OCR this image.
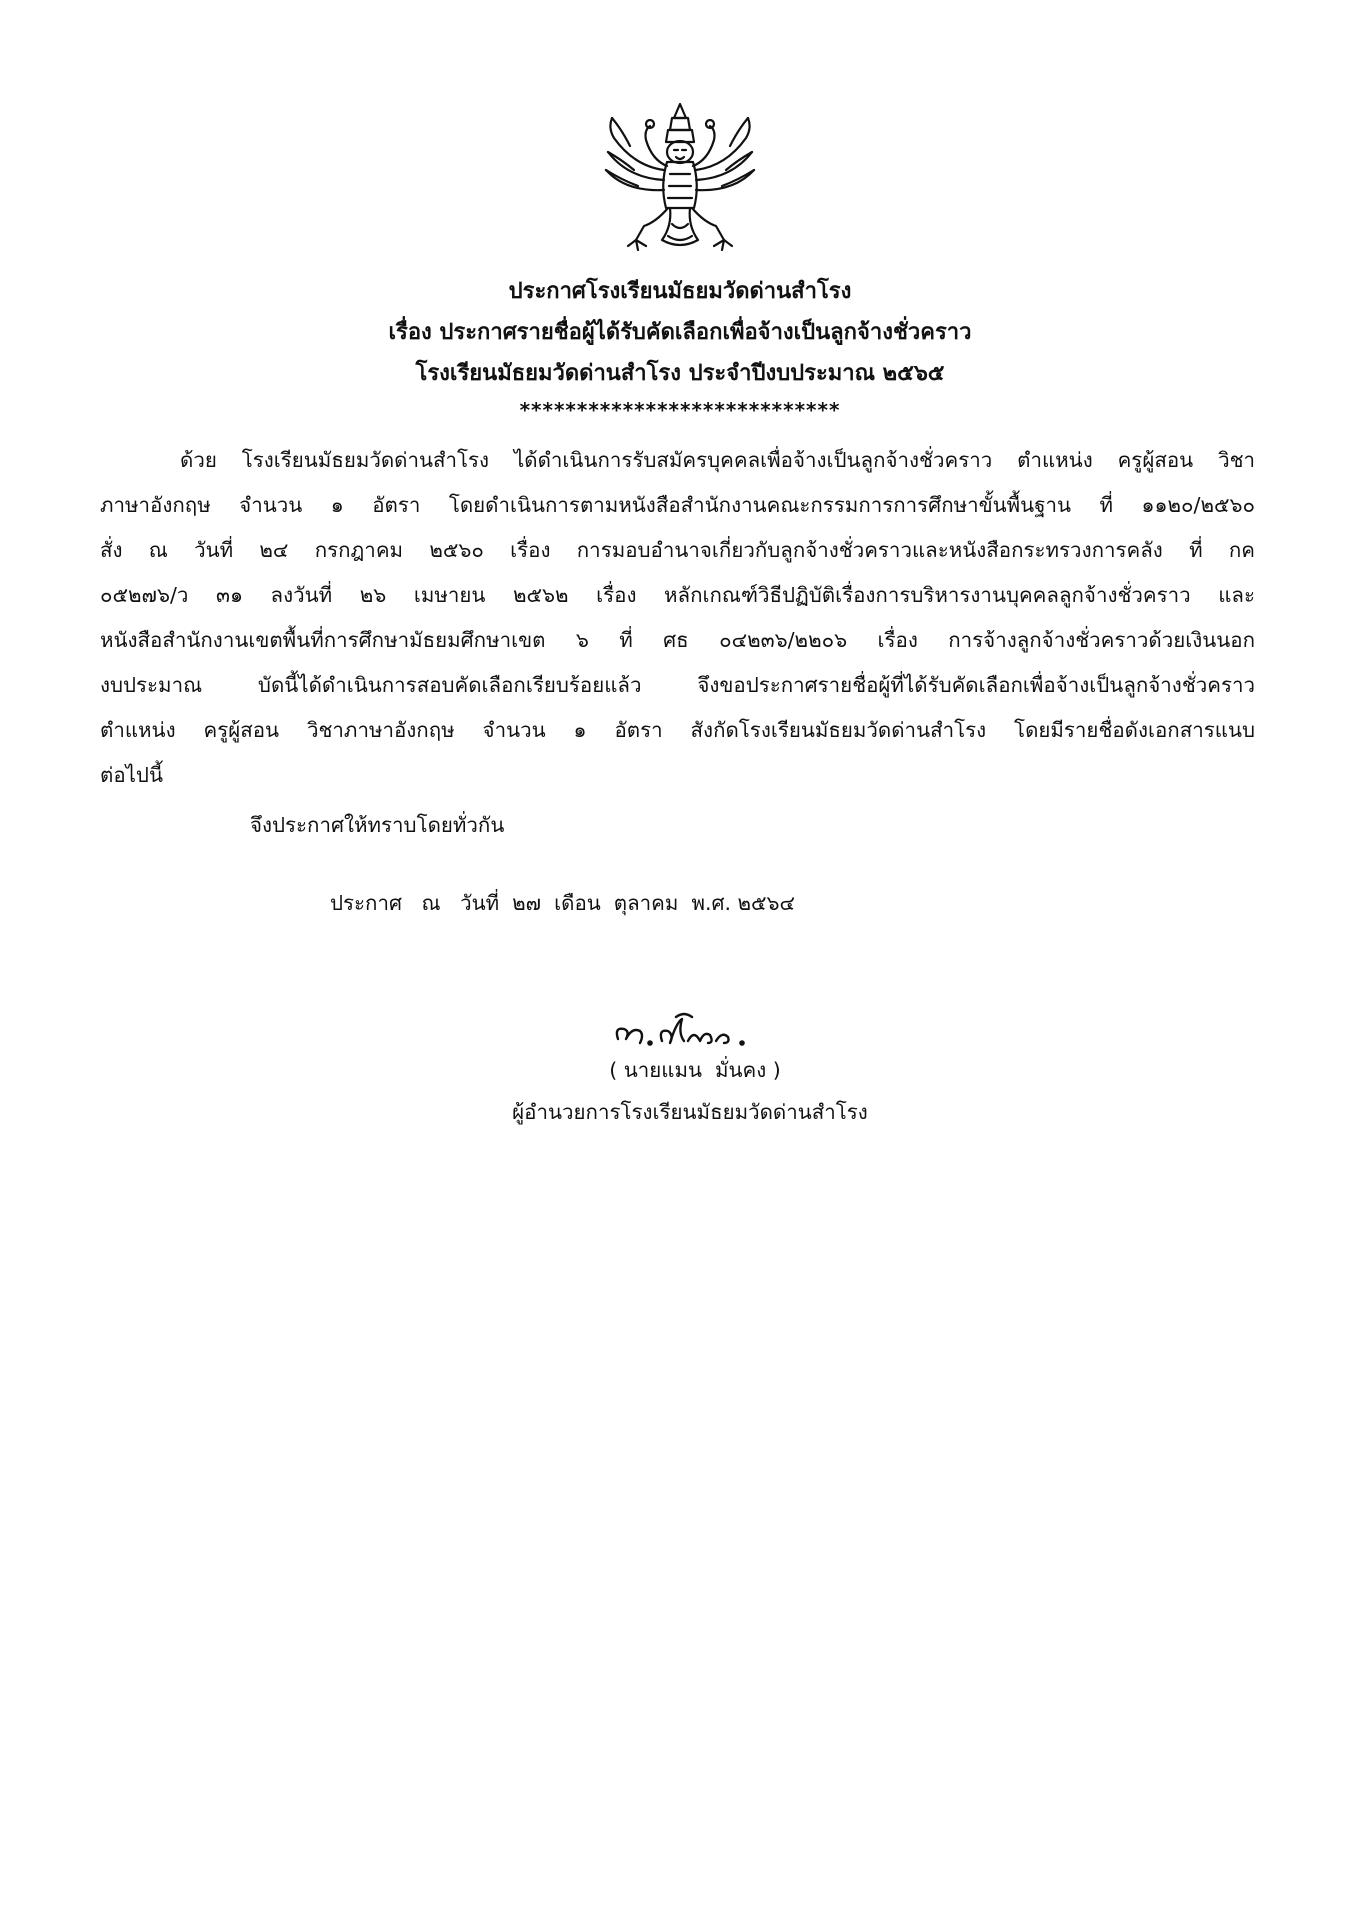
ประกาศโรงเรียนมัธยมวัดด่านสำโรง
เรื่อง ประกาศรายชื่อผู้ได้รับคัดเลือกเพื่อจ้างเป็นลูกจ้างชั่วคราว
โรงเรียนมัธยมวัดด่านสำโรง ประจำปีงบประมาณ ๒๕๖๕
****************************
ด้วย โรงเรียนมัธยมวัดด่านสำโรง ได้ดำเนินการรับสมัครบุคคลเพื่อจ้างเป็นลูกจ้างชั่วคราว ตำแหน่ง ครูผู้สอน วิชา
ภาษาอังกฤษ จำนวน ๑ อัตรา โดยดำเนินการตามหนังสือสำนักงานคณะกรรมการการศึกษาขั้นพื้นฐาน ที่ ๑๑๒๐/๒๕๖๐
สั่ง ณ วันที่ ๒๔ กรกฎาคม ๒๕๖๐ เรื่อง การมอบอำนาจเกี่ยวกับลูกจ้างชั่วคราวและหนังสือกระทรวงการคลัง ที่ กค
๐๕๒๗๖/ว ๓๑ ลงวันที่ ๒๖ เมษายน ๒๕๖๒ เรื่อง หลักเกณฑ์วิธีปฏิบัติเรื่องการบริหารงานบุคคลลูกจ้างชั่วคราว และ
หนังสือสำนักงานเขตพื้นที่การศึกษามัธยมศึกษาเขต ๖ ที่ ศธ ๐๔๒๓๖/๒๒๐๖ เรื่อง การจ้างลูกจ้างชั่วคราวด้วยเงินนอก
งบประมาณ บัดนี้ได้ดำเนินการสอบคัดเลือกเรียบร้อยแล้ว จึงขอประกาศรายชื่อผู้ที่ได้รับคัดเลือกเพื่อจ้างเป็นลูกจ้างชั่วคราว
ตำแหน่ง ครูผู้สอน วิชาภาษาอังกฤษ จำนวน ๑ อัตรา สังกัดโรงเรียนมัธยมวัดด่านสำโรง โดยมีรายชื่อดังเอกสารแนบ
ต่อไปนี้
จึงประกาศให้ทราบโดยทั่วกัน
ประกาศ   ณ   วันที่  ๒๗  เดือน  ตุลาคม  พ.ศ. ๒๕๖๔
( นายแมน  มั่นคง )
ผู้อำนวยการโรงเรียนมัธยมวัดด่านสำโรง
